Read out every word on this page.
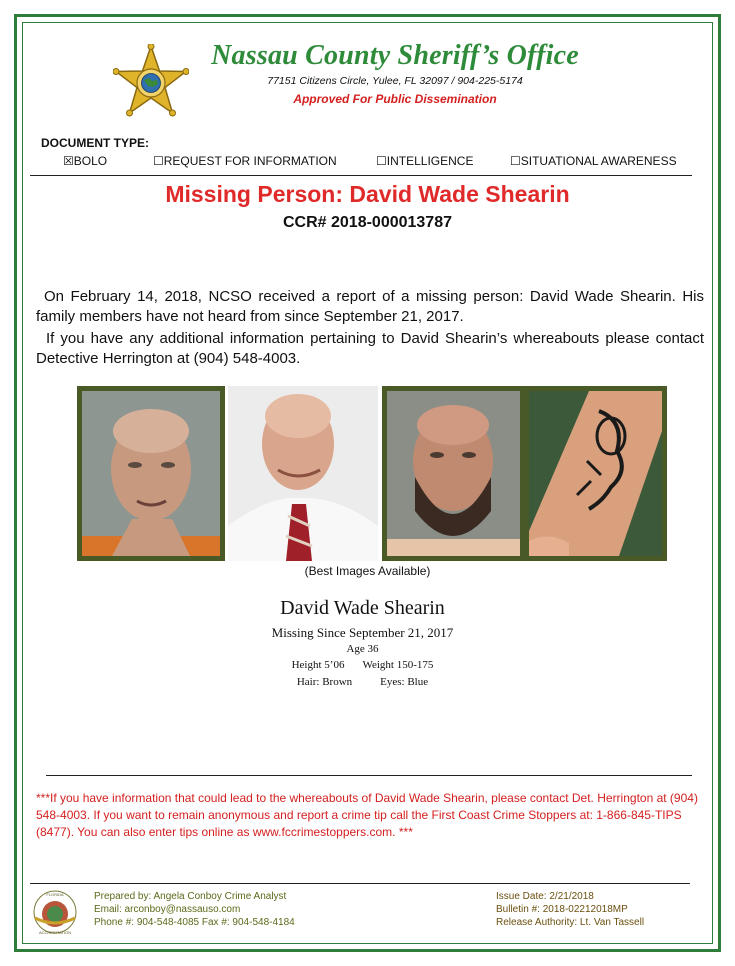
Nassau County Sheriff’s Office
77151 Citizens Circle, Yulee, FL 32097 / 904-225-5174
Approved For Public Dissemination
DOCUMENT TYPE:
☒BOLO	☐REQUEST FOR INFORMATION	☐INTELLIGENCE	☐SITUATIONAL AWARENESS
Missing Person: David Wade Shearin
CCR# 2018-000013787
On February 14, 2018, NCSO received a report of a missing person: David Wade Shearin. His family members have not heard from since September 21, 2017.
If you have any additional information pertaining to David Shearin’s whereabouts please contact Detective Herrington at (904) 548-4003.
(Best Images Available)
David Wade Shearin
Missing Since September 21, 2017
Age 36
Height 5’06 Weight 150-175
Hair: Brown	Eyes: Blue
***If you have information that could lead to the whereabouts of David Wade Shearin, please contact Det. Herrington at (904) 548-4003. If you want to remain anonymous and report a crime tip call the First Coast Crime Stoppers at: 1-866-845-TIPS (8477). You can also enter tips online as www.fccrimestoppers.com. ***
FLORIDA
ACCREDITATION
Prepared by: Angela Conboy Crime Analyst
Email: arconboy@nassauso.com
Phone #: 904-548-4085 Fax #: 904-548-4184
Issue Date: 2/21/2018
Bulletin #: 2018-02212018MP
Release Authority: Lt. Van Tassell
